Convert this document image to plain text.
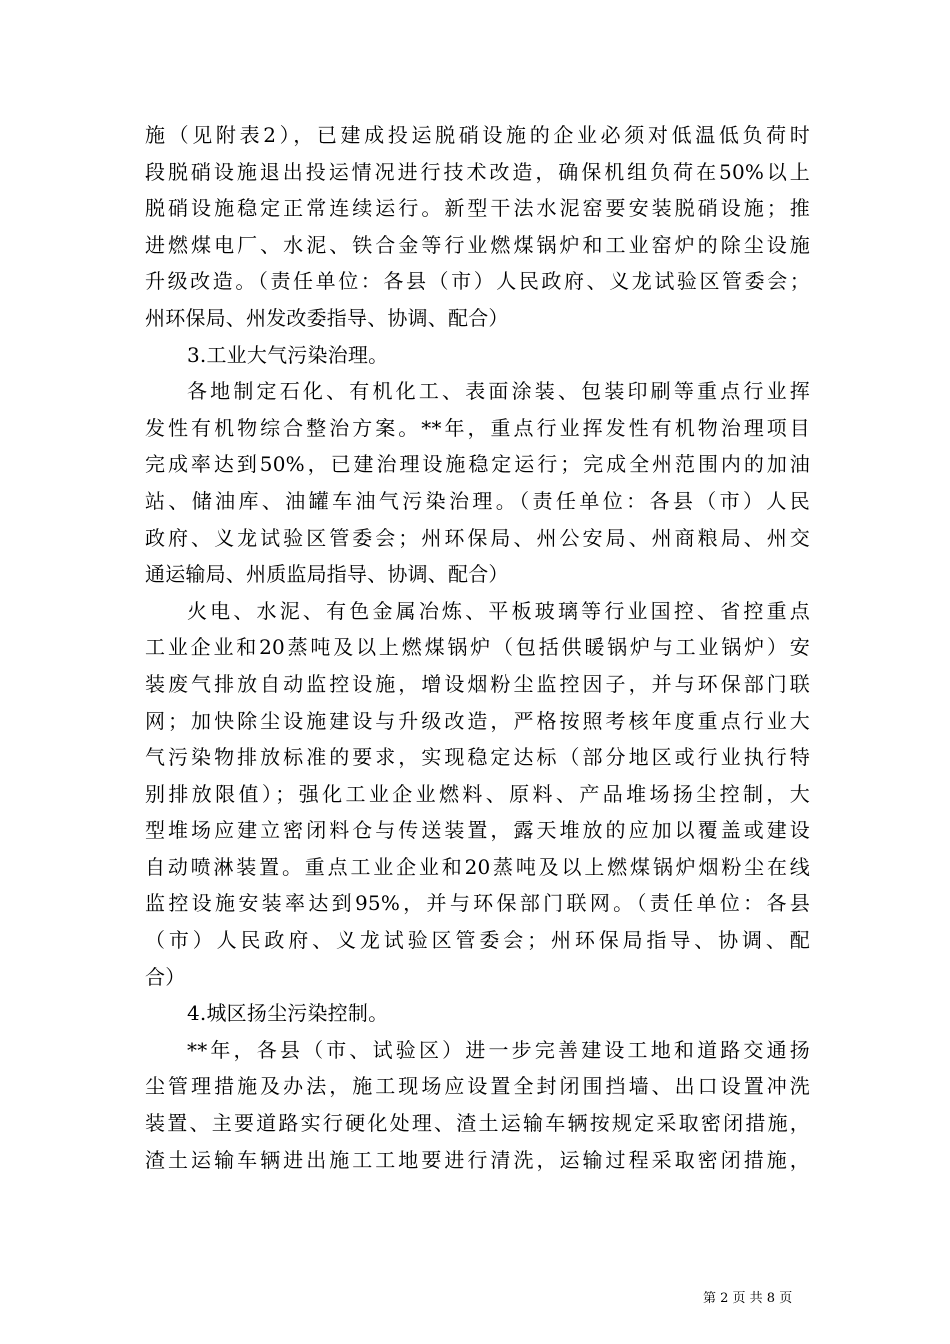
施（见附表2），已建成投运脱硝设施的企业必须对低温低负荷时
段脱硝设施退出投运情况进行技术改造，确保机组负荷在50%以上
脱硝设施稳定正常连续运行。新型干法水泥窑要安装脱硝设施；推
进燃煤电厂、水泥、铁合金等行业燃煤锅炉和工业窑炉的除尘设施
升级改造。（责任单位：各县（市）人民政府、义龙试验区管委会；
州环保局、州发改委指导、协调、配合）
3.工业大气污染治理。
各地制定石化、有机化工、表面涂装、包装印刷等重点行业挥
发性有机物综合整治方案。**年，重点行业挥发性有机物治理项目
完成率达到50%，已建治理设施稳定运行；完成全州范围内的加油
站、储油库、油罐车油气污染治理。（责任单位：各县（市）人民
政府、义龙试验区管委会；州环保局、州公安局、州商粮局、州交
通运输局、州质监局指导、协调、配合）
火电、水泥、有色金属冶炼、平板玻璃等行业国控、省控重点
工业企业和20蒸吨及以上燃煤锅炉（包括供暖锅炉与工业锅炉）安
装废气排放自动监控设施，增设烟粉尘监控因子，并与环保部门联
网；加快除尘设施建设与升级改造，严格按照考核年度重点行业大
气污染物排放标准的要求，实现稳定达标（部分地区或行业执行特
别排放限值）；强化工业企业燃料、原料、产品堆场扬尘控制，大
型堆场应建立密闭料仓与传送装置，露天堆放的应加以覆盖或建设
自动喷淋装置。重点工业企业和20蒸吨及以上燃煤锅炉烟粉尘在线
监控设施安装率达到95%，并与环保部门联网。（责任单位：各县
（市）人民政府、义龙试验区管委会；州环保局指导、协调、配
合）
4.城区扬尘污染控制。
**年，各县（市、试验区）进一步完善建设工地和道路交通扬
尘管理措施及办法，施工现场应设置全封闭围挡墙、出口设置冲洗
装置、主要道路实行硬化处理、渣土运输车辆按规定采取密闭措施，
渣土运输车辆进出施工工地要进行清洗，运输过程采取密闭措施，
第 2 页 共 8 页
